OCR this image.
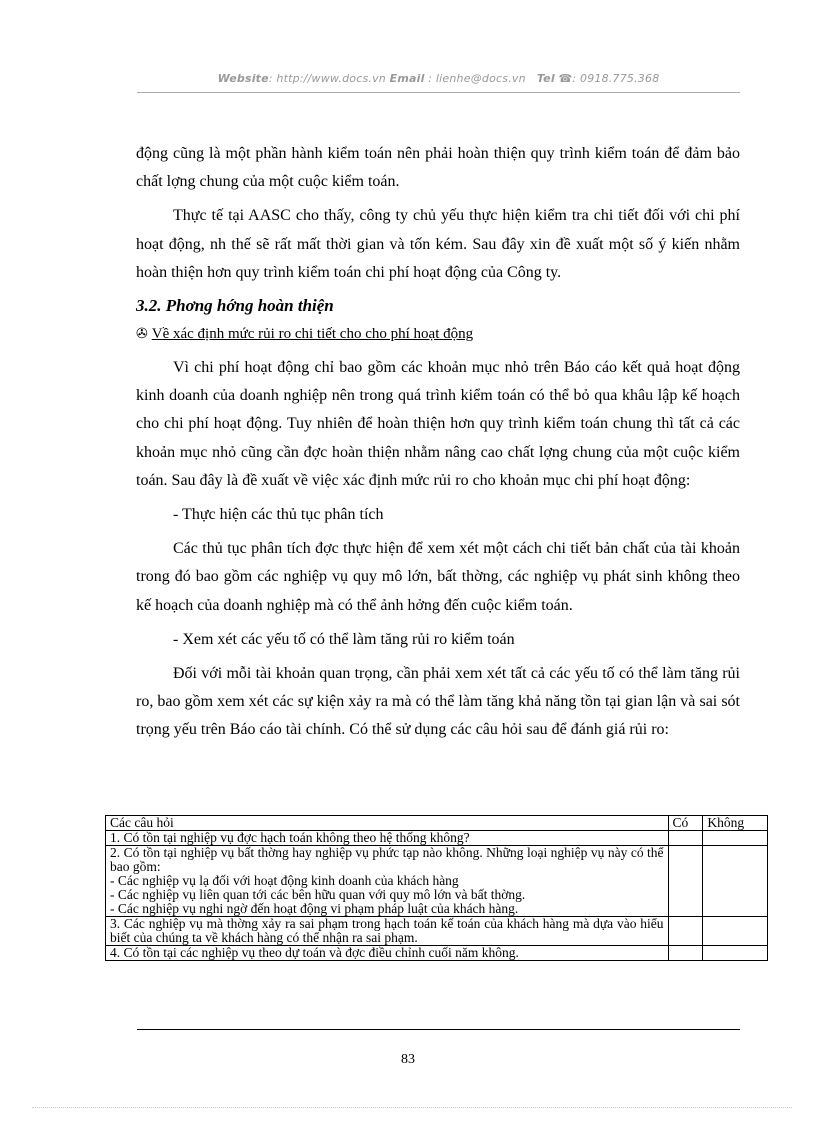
Website: http://www.docs.vn Email : lienhe@docs.vn Tel ☎: 0918.775.368

động cũng là một phần hành kiểm toán nên phải hoàn thiện quy trình kiểm toán để đảm bảo chất lợng chung của một cuộc kiểm toán.

Thực tế tại AASC cho thấy, công ty chủ yếu thực hiện kiểm tra chi tiết đối với chi phí hoạt động, nh thế sẽ rất mất thời gian và tốn kém. Sau đây xin đề xuất một số ý kiến nhằm hoàn thiện hơn quy trình kiểm toán chi phí hoạt động của Công ty.

3.2. Phơng hớng hoàn thiện
✇ Về xác định mức rủi ro chi tiết cho cho phí hoạt động

Vì chi phí hoạt động chỉ bao gồm các khoản mục nhỏ trên Báo cáo kết quả hoạt động kinh doanh của doanh nghiệp nên trong quá trình kiểm toán có thể bỏ qua khâu lập kế hoạch cho chi phí hoạt động. Tuy nhiên để hoàn thiện hơn quy trình kiểm toán chung thì tất cả các khoản mục nhỏ cũng cần đợc hoàn thiện nhằm nâng cao chất lợng chung của một cuộc kiểm toán. Sau đây là đề xuất về việc xác định mức rủi ro cho khoản mục chi phí hoạt động:

- Thực hiện các thủ tục phân tích

Các thủ tục phân tích đợc thực hiện để xem xét một cách chi tiết bản chất của tài khoản trong đó bao gồm các nghiệp vụ quy mô lớn, bất thờng, các nghiệp vụ phát sinh không theo kế hoạch của doanh nghiệp mà có thể ảnh hởng đến cuộc kiểm toán.

- Xem xét các yếu tố có thể làm tăng rủi ro kiểm toán

Đối với mỗi tài khoản quan trọng, cần phải xem xét tất cả các yếu tố có thể làm tăng rủi ro, bao gồm xem xét các sự kiện xảy ra mà có thể làm tăng khả năng tồn tại gian lận và sai sót trọng yếu trên Báo cáo tài chính. Có thể sử dụng các câu hỏi sau để đánh giá rủi ro:

Các câu hỏi	Có	Không

1. Có tồn tại nghiệp vụ đợc hạch toán không theo hệ thống không?		

2. Có tồn tại nghiệp vụ bất thờng hay nghiệp vụ phức tạp nào không. Những loại nghiệp vụ này có thể bao gồm:
- Các nghiệp vụ lạ đối với hoạt động kinh doanh của khách hàng
- Các nghiệp vụ liên quan tới các bên hữu quan với quy mô lớn và bất thờng.
- Các nghiệp vụ nghi ngờ đến hoạt động vi phạm pháp luật của khách hàng.		

3. Các nghiệp vụ mà thờng xảy ra sai phạm trong hạch toán kế toán của khách hàng mà dựa vào hiểu biết của chúng ta về khách hàng có thể nhận ra sai phạm.		

4. Có tồn tại các nghiệp vụ theo dự toán và đợc điều chỉnh cuối năm không.		

83
